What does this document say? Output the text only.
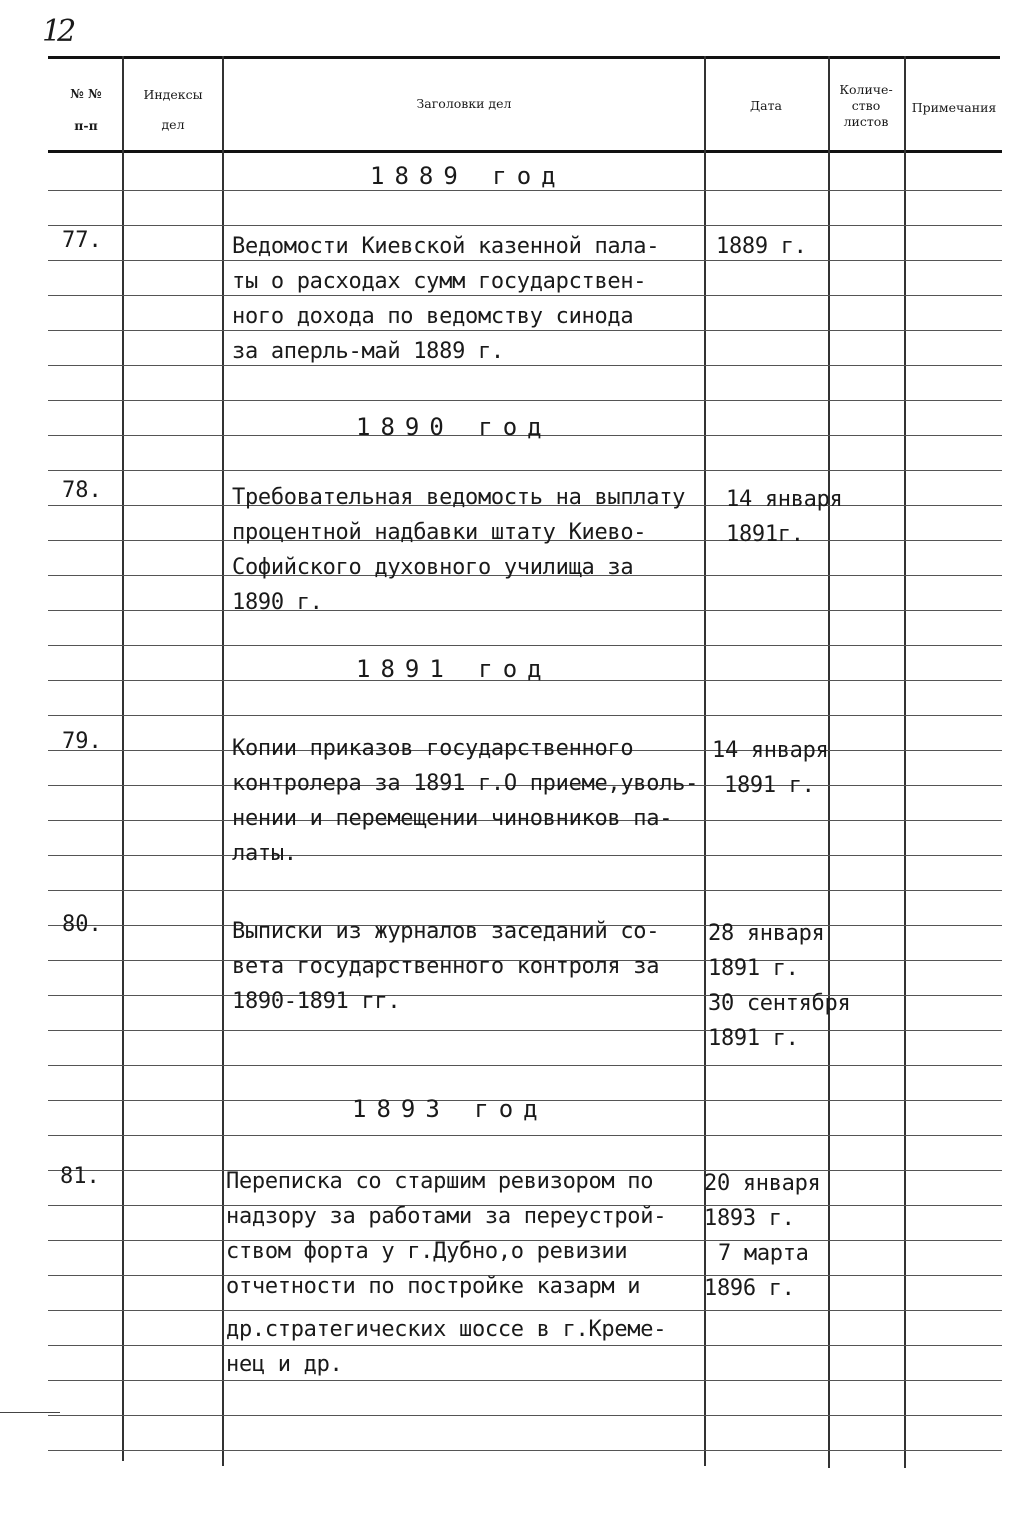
12
№ №
п-п
Индексы
дел
Заголовки дел	Дата
Количе-
ство
листов
Примечания
1889 год
1890 год
1891 год
1893 год
77.	Ведомости Киевской казенной пала-
ты о расходах сумм государствен-
ного дохода по ведомству синода
за аперль-май 1889 г.
1889 г.
78.	Требовательная ведомость на выплату
процентной надбавки штату Киево-
Софийского духовного училища за
1890 г.
14 января
1891г.
79.	Копии приказов государственного
контролера за 1891 г.О приеме,уволь-
нении и перемещении чиновников па-
латы.
14 января
1891 г.
80.	Выписки из журналов заседаний со-
вета государственного контроля за
1890-1891 гг.
28 января
1891 г.
30 сентября
1891 г.
81.	Переписка со старшим ревизором по
надзору за работами за переустрой-
ством форта у г.Дубно,о ревизии
отчетности по постройке казарм и
др.стратегических шоссе в г.Кремe-
нец и др.
20 января
1893 г.
7 марта
1896 г.
